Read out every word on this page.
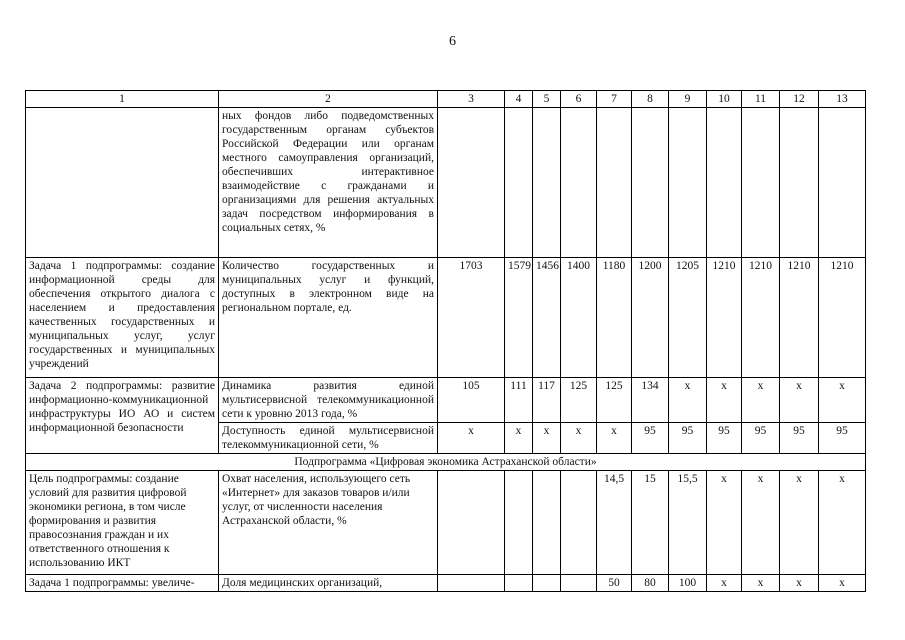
6
1	2	3	4	5	6	7	8	9	10	11	12	13
	ных фондов либо подведомственных государственным органам субъектов Российской Федерации или органам местного самоуправления организаций, обеспечивших интерактивное взаимодействие с гражданами и организациями для решения актуальных задач посредством информирования в социальных сетях, %											
Задача 1 подпрограммы: создание информационной среды для обеспечения открытого диалога с населением и предоставления качественных государственных и муниципальных услуг, услуг государственных и муниципальных учреждений	Количество государственных и муниципальных услуг и функций, доступных в электронном виде на региональном портале, ед.	1703	1579	1456	1400	1180	1200	1205	1210	1210	1210	1210
Задача 2 подпрограммы: развитие информационно-коммуникационной инфраструктуры ИО АО и систем информационной безопасности	Динамика развития единой мультисервисной телекоммуникационной сети к уровню 2013 года, %	105	111	117	125	125	134	х	х	х	х	х
	Доступность единой мультисервисной телекоммуникационной сети, %	х	х	х	х	х	95	95	95	95	95	95
Подпрограмма «Цифровая экономика Астраханской области»												
Цель подпрограммы: создание условий для развития цифровой экономики региона, в том числе формирования и развития правосознания граждан и их ответственного отношения к использованию ИКТ	Охват населения, использующего сеть «Интернет» для заказов товаров и/или услуг, от численности населения Астраханской области, %					14,5	15	15,5	х	х	х	х
Задача 1 подпрограммы: увеличе-	Доля медицинских организаций,					50	80	100	х	х	х	х
